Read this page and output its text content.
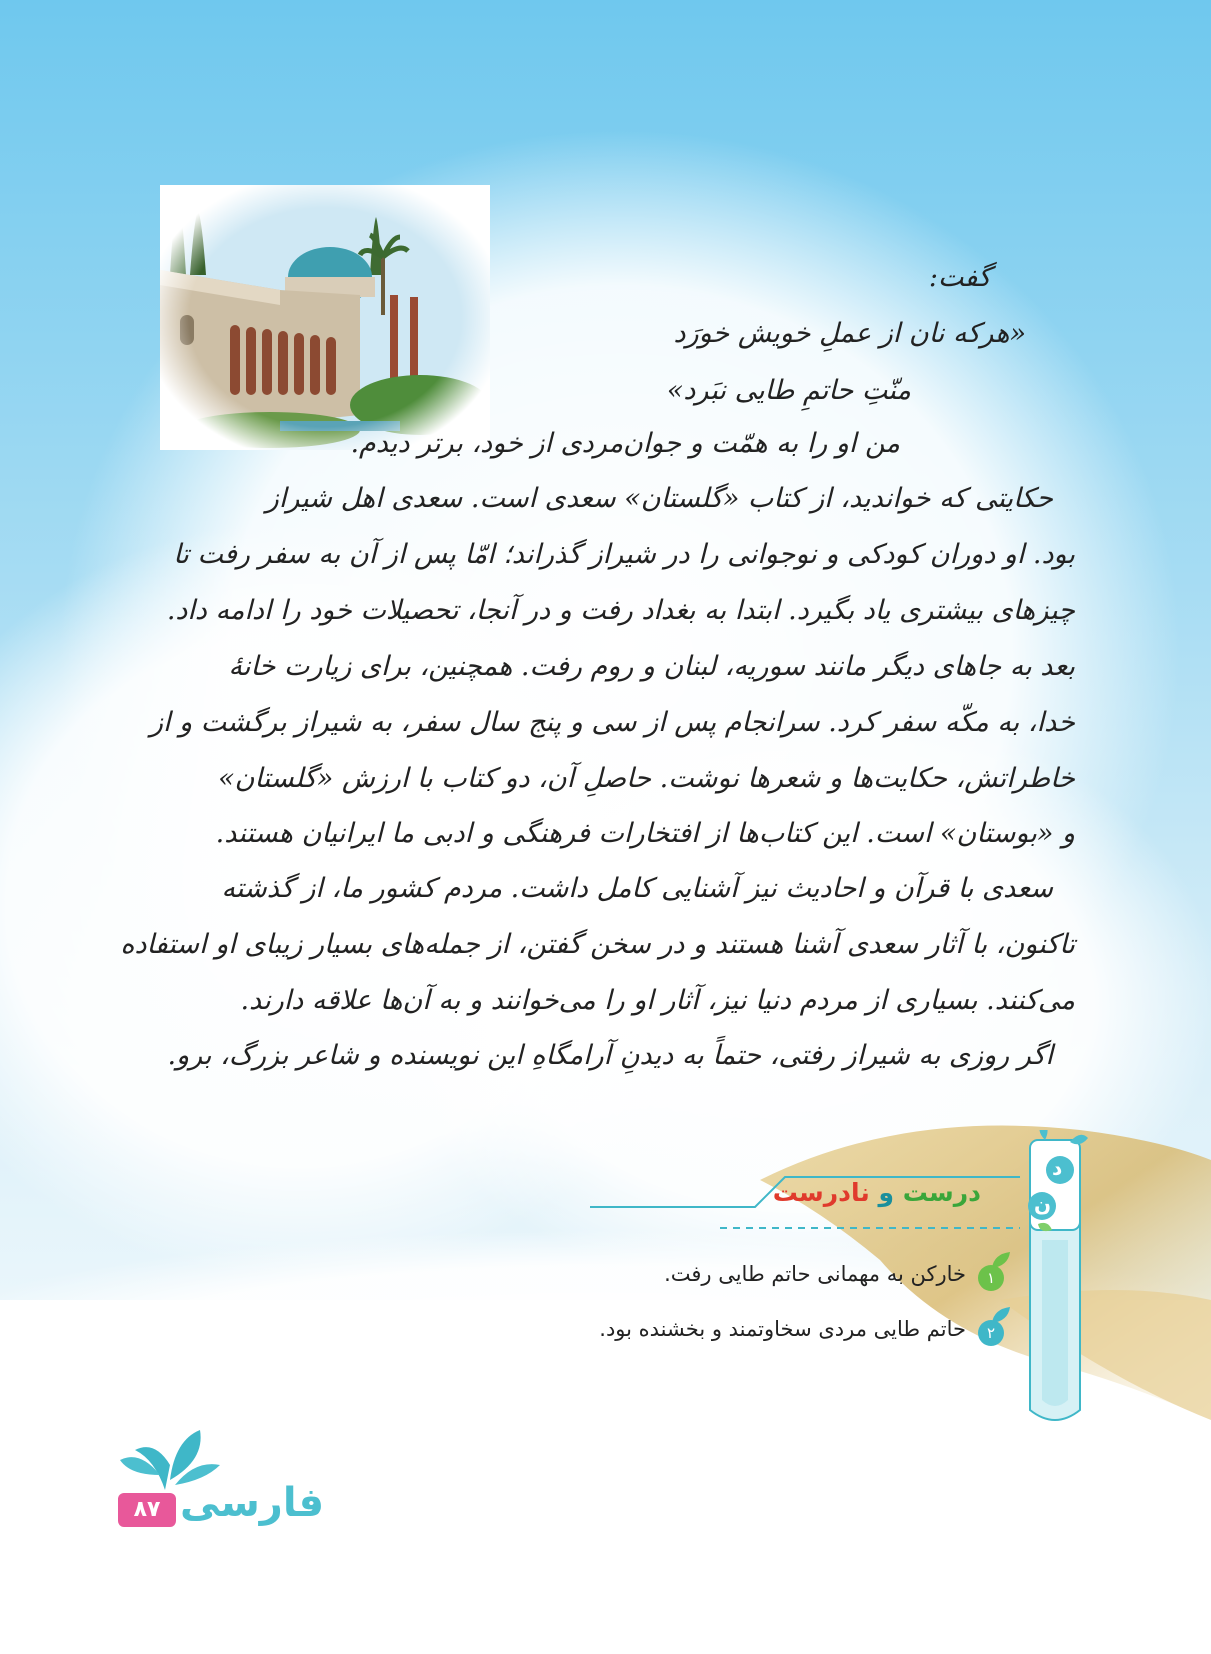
گفت:
«هرکه نان از عملِ خویش خورَد
منّتِ حاتمِ طایی نبَرد»
من او را به همّت و جوان‌مردی از خود، برتر دیدم.
حکایتی که خواندید، از کتاب «گلستان» سعدی است. سعدی اهل شیراز
بود. او دوران کودکی و نوجوانی را در شیراز گذراند؛ امّا پس از آن به سفر رفت تا
چیزهای بیشتری یاد بگیرد. ابتدا به بغداد رفت و در آنجا، تحصیلات خود را ادامه داد.
بعد به جاهای دیگر مانند سوریه، لبنان و روم رفت. همچنین، برای زیارت خانهٔ
خدا، به مکّه سفر کرد. سرانجام پس از سی و پنج سال سفر، به شیراز برگشت و از
خاطراتش، حکایت‌ها و شعرها نوشت. حاصلِ آن، دو کتاب با ارزش «گلستان»
و «بوستان» است. این کتاب‌ها از افتخارات فرهنگی و ادبی ما ایرانیان هستند.
سعدی با قرآن و احادیث نیز آشنایی کامل داشت. مردم کشور ما، از گذشته
تاکنون، با آثار سعدی آشنا هستند و در سخن گفتن، از جمله‌های بسیار زیبای او استفاده
می‌کنند. بسیاری از مردم دنیا نیز، آثار او را می‌خوانند و به آن‌ها علاقه دارند.
اگر روزی به شیراز رفتی، حتماً به دیدنِ آرامگاهِ این نویسنده و شاعر بزرگ، برو.
د
ن
درست و نادرست
۱
خارکن به مهمانی حاتم طایی رفت.
۲
حاتم طایی مردی سخاوتمند و بخشنده بود.
۸۷ فارسی
